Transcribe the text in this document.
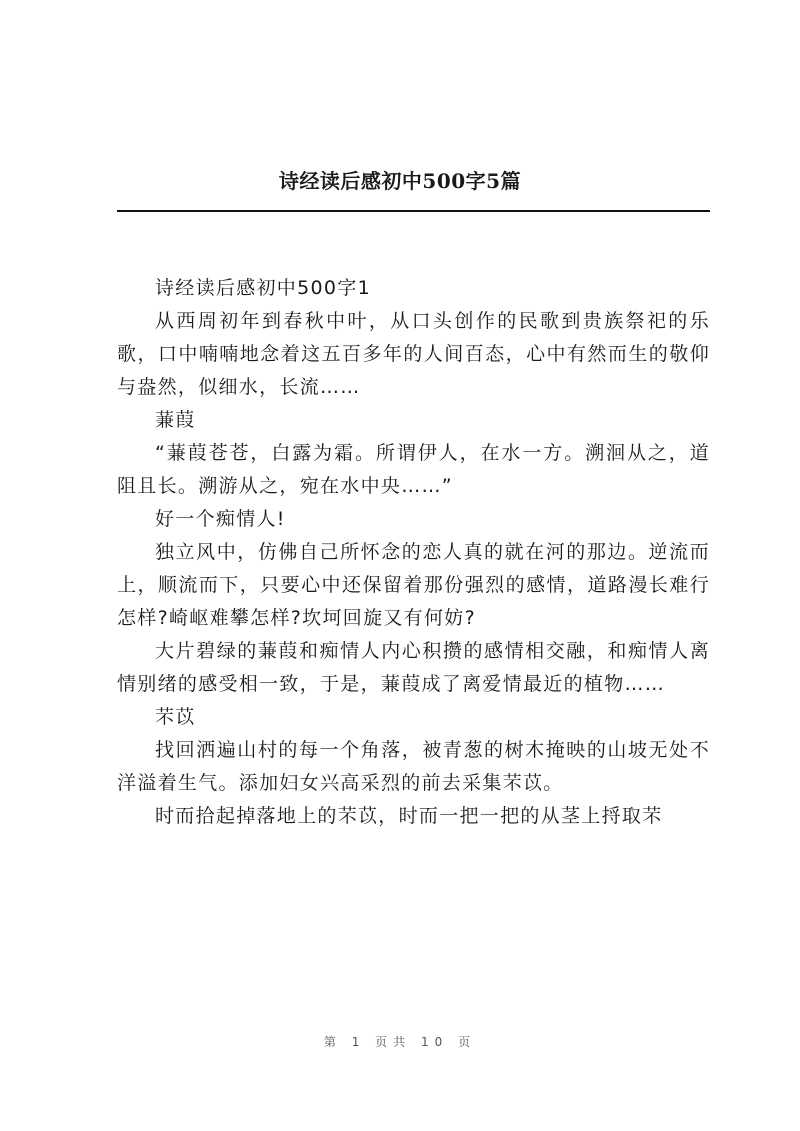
诗经读后感初中500字5篇

诗经读后感初中500字1

从西周初年到春秋中叶，从口头创作的民歌到贵族祭祀的乐歌，口中喃喃地念着这五百多年的人间百态，心中有然而生的敬仰与盎然，似细水，长流……

蒹葭

“蒹葭苍苍，白露为霜。所谓伊人，在水一方。溯洄从之，道阻且长。溯游从之，宛在水中央……”

好一个痴情人!

独立风中，仿佛自己所怀念的恋人真的就在河的那边。逆流而上，顺流而下，只要心中还保留着那份强烈的感情，道路漫长难行怎样?崎岖难攀怎样?坎坷回旋又有何妨?

大片碧绿的蒹葭和痴情人内心积攒的感情相交融，和痴情人离情别绪的感受相一致，于是，蒹葭成了离爱情最近的植物……

芣苡

找回洒遍山村的每一个角落，被青葱的树木掩映的山坡无处不洋溢着生气。添加妇女兴高采烈的前去采集芣苡。

时而拾起掉落地上的芣苡，时而一把一把的从茎上捋取芣

第 1 页共 10 页
